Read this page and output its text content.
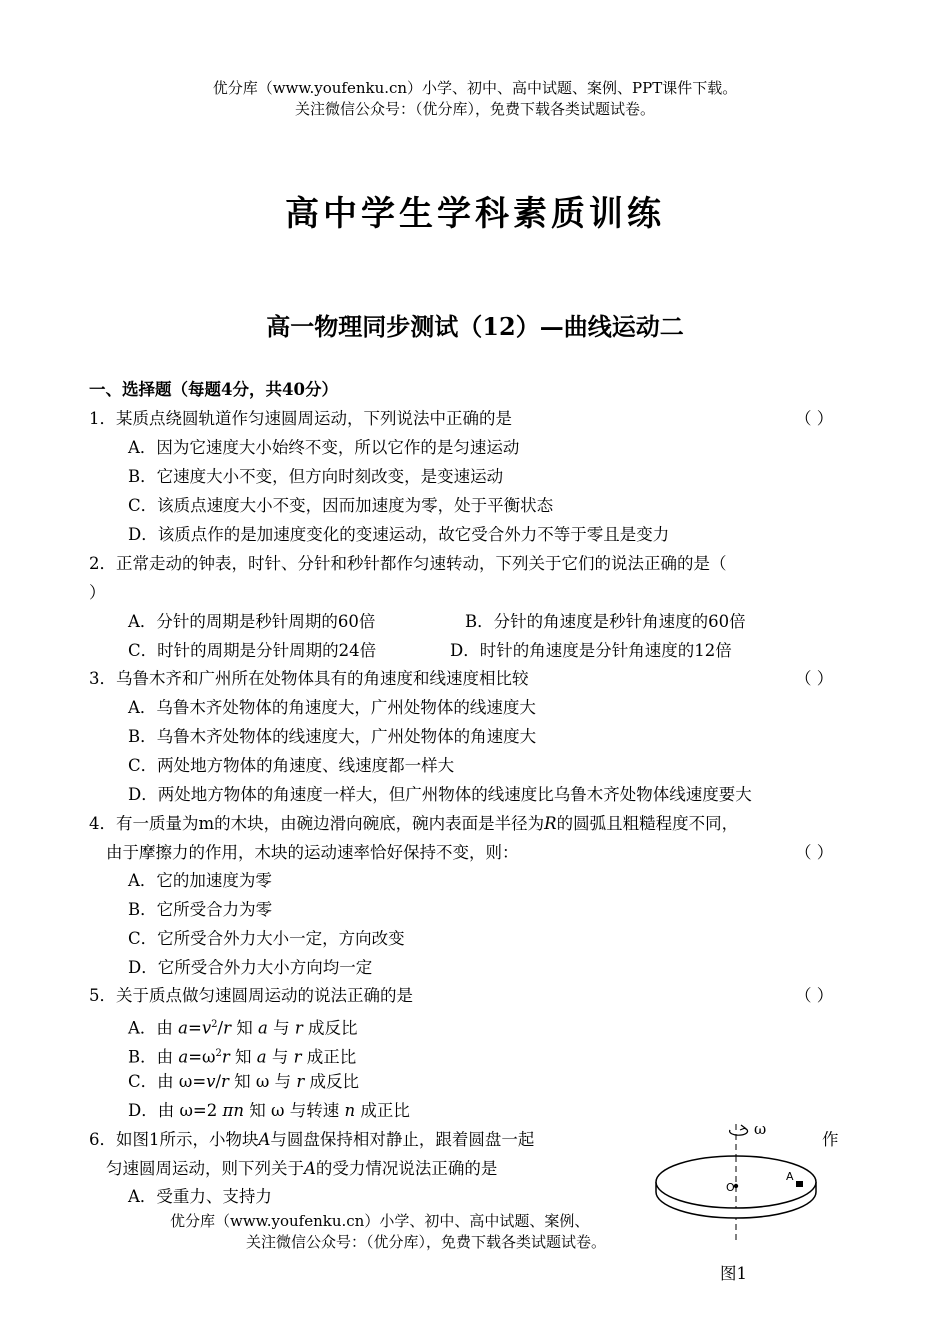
优分库（www.youfenku.cn）小学、初中、高中试题、案例、PPT课件下载。
关注微信公众号：（优分库），免费下载各类试题试卷。
高中学生学科素质训练
高一物理同步测试（12）—曲线运动二
一、选择题（每题4分，共40分）
1．某质点绕圆轨道作匀速圆周运动，下列说法中正确的是	（ ）
A．因为它速度大小始终不变，所以它作的是匀速运动
B．它速度大小不变，但方向时刻改变，是变速运动
C．该质点速度大小不变，因而加速度为零，处于平衡状态
D．该质点作的是加速度变化的变速运动，故它受合外力不等于零且是变力
2．正常走动的钟表，时针、分针和秒针都作匀速转动，下列关于它们的说法正确的是（
）
A．分针的周期是秒针周期的60倍	B．分针的角速度是秒针角速度的60倍
C．时针的周期是分针周期的24倍	D．时针的角速度是分针角速度的12倍
3．乌鲁木齐和广州所在处物体具有的角速度和线速度相比较	（ ）
A．乌鲁木齐处物体的角速度大，广州处物体的线速度大
B．乌鲁木齐处物体的线速度大，广州处物体的角速度大
C．两处地方物体的角速度、线速度都一样大
D．两处地方物体的角速度一样大，但广州物体的线速度比乌鲁木齐处物体线速度要大
4．有一质量为m的木块，由碗边滑向碗底，碗内表面是半径为R的圆弧且粗糙程度不同，
由于摩擦力的作用，木块的运动速率恰好保持不变，则：	（ ）
A．它的加速度为零
B．它所受合力为零
C．它所受合外力大小一定，方向改变
D．它所受合外力大小方向均一定
5．关于质点做匀速圆周运动的说法正确的是	（ ）
A．由 $a=v^2/r$ 知 a 与 r 成反比
B．由 $a=\omega^2r$ 知 a 与 r 成正比
C．由 ω=v/r 知 ω 与 r 成反比
D．由 ω=2 πn 知 ω 与转速 n 成正比
6．如图1所示，小物块A与圆盘保持相对静止，跟着圆盘一起	作
匀速圆周运动，则下列关于A的受力情况说法正确的是
A．受重力、支持力
ω
O
A
图1
优分库（www.youfenku.cn）小学、初中、高中试题、案例、
关注微信公众号：（优分库），免费下载各类试题试卷。
